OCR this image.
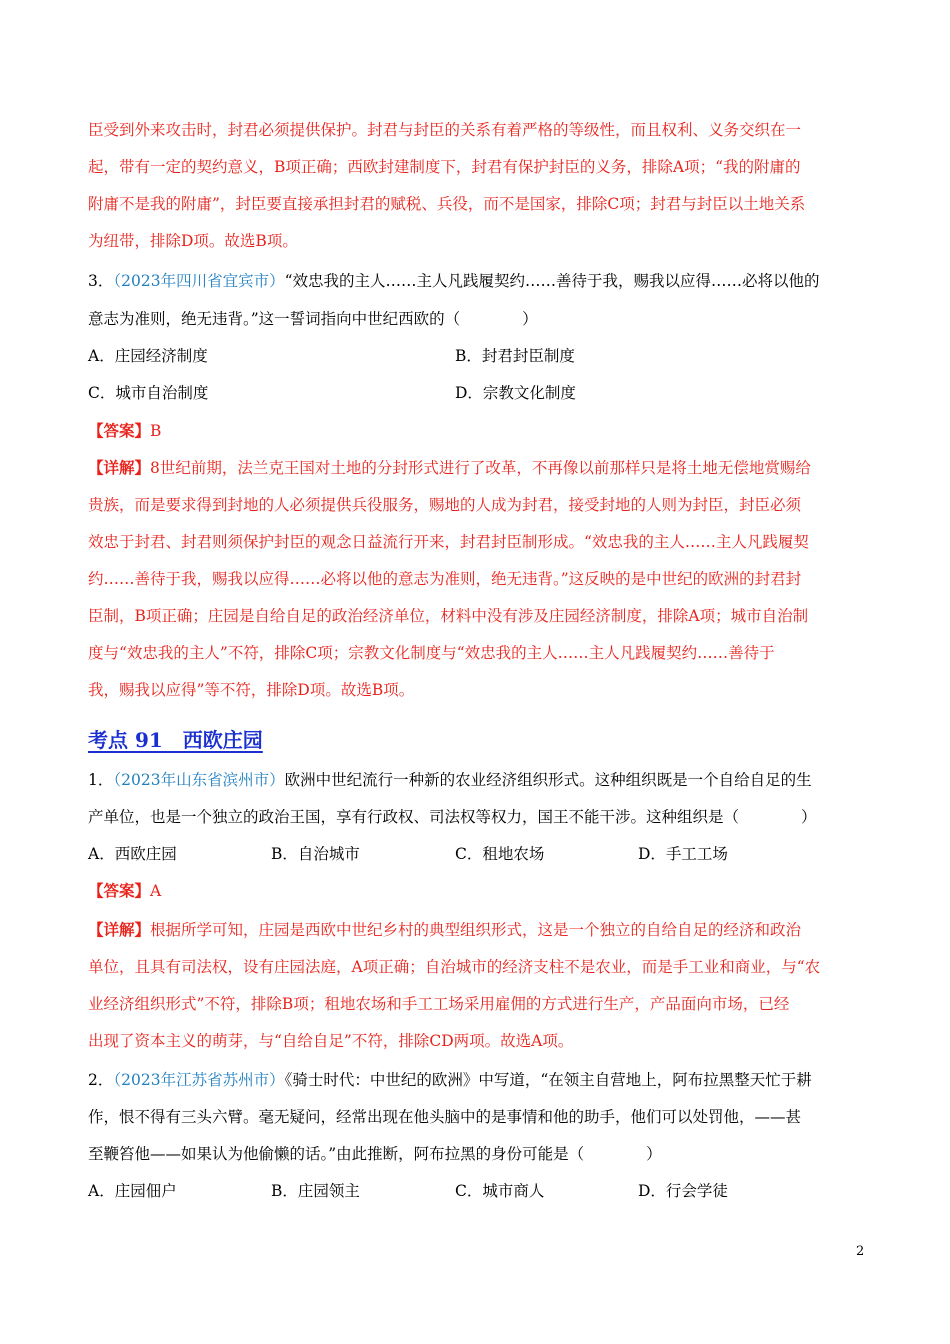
臣受到外来攻击时，封君必须提供保护。封君与封臣的关系有着严格的等级性，而且权利、义务交织在一
起，带有一定的契约意义，B项正确；西欧封建制度下，封君有保护封臣的义务，排除A项；“我的附庸的
附庸不是我的附庸”，封臣要直接承担封君的赋税、兵役，而不是国家，排除C项；封君与封臣以土地关系
为纽带，排除D项。故选B项。
3．（2023年四川省宜宾市）“效忠我的主人……主人凡践履契约……善待于我，赐我以应得……必将以他的
意志为准则，绝无违背。”这一誓词指向中世纪西欧的（　　　　）
A．庄园经济制度	B．封君封臣制度
C．城市自治制度	D．宗教文化制度
【答案】B
【详解】8世纪前期，法兰克王国对土地的分封形式进行了改革，不再像以前那样只是将土地无偿地赏赐给
贵族，而是要求得到封地的人必须提供兵役服务，赐地的人成为封君，接受封地的人则为封臣，封臣必须
效忠于封君、封君则须保护封臣的观念日益流行开来，封君封臣制形成。“效忠我的主人……主人凡践履契
约……善待于我，赐我以应得……必将以他的意志为准则，绝无违背。”这反映的是中世纪的欧洲的封君封
臣制，B项正确；庄园是自给自足的政治经济单位，材料中没有涉及庄园经济制度，排除A项；城市自治制
度与“效忠我的主人”不符，排除C项；宗教文化制度与“效忠我的主人……主人凡践履契约……善待于
我，赐我以应得”等不符，排除D项。故选B项。
考点 91　西欧庄园
1．（2023年山东省滨州市）欧洲中世纪流行一种新的农业经济组织形式。这种组织既是一个自给自足的生
产单位，也是一个独立的政治王国，享有行政权、司法权等权力，国王不能干涉。这种组织是（　　　　）
A．西欧庄园	B．自治城市	C．租地农场	D．手工工场
【答案】A
【详解】根据所学可知，庄园是西欧中世纪乡村的典型组织形式，这是一个独立的自给自足的经济和政治
单位，且具有司法权，设有庄园法庭，A项正确；自治城市的经济支柱不是农业，而是手工业和商业，与“农
业经济组织形式”不符，排除B项；租地农场和手工工场采用雇佣的方式进行生产，产品面向市场，已经
出现了资本主义的萌芽，与“自给自足”不符，排除CD两项。故选A项。
2．（2023年江苏省苏州市）《骑士时代：中世纪的欧洲》中写道，“在领主自营地上，阿布拉黑整天忙于耕
作，恨不得有三头六臂。毫无疑问，经常出现在他头脑中的是事情和他的助手，他们可以处罚他，——甚
至鞭笞他——如果认为他偷懒的话。”由此推断，阿布拉黑的身份可能是（　　　　）
A．庄园佃户	B．庄园领主	C．城市商人	D．行会学徒
2
